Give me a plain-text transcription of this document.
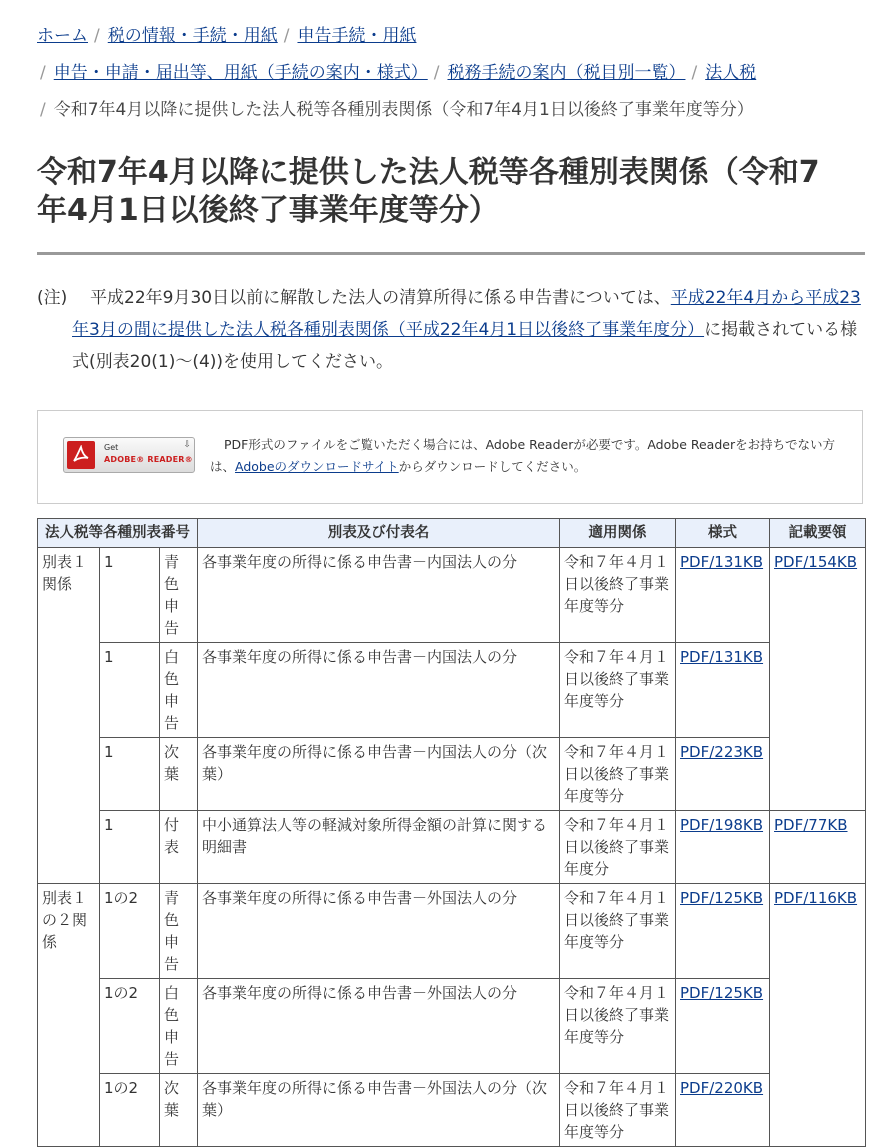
ホーム / 税の情報・手続・用紙 / 申告手続・用紙
/ 申告・申請・届出等、用紙（手続の案内・様式） / 税務手続の案内（税目別一覧） / 法人税
/ 令和7年4月以降に提供した法人税等各種別表関係（令和7年4月1日以後終了事業年度等分）
令和7年4月以降に提供した法人税等各種別表関係（令和7年4月1日以後終了事業年度等分）
(注)	平成22年9月30日以前に解散した法人の清算所得に係る申告書については、平成22年4月から平成23年3月の間に提供した法人税各種別表関係（平成22年4月1日以後終了事業年度分）に掲載されている様式(別表20(1)～(4))を使用してください。
Get
ADOBE® READER®
⇩	PDF形式のファイルをご覧いただく場合には、Adobe Readerが必要です。Adobe Readerをお持ちでない方は、Adobeのダウンロードサイトからダウンロードしてください。
法人税等各種別表番号			別表及び付表名	適用関係	様式	記載要領
別表１関係	1	青色申告	各事業年度の所得に係る申告書－内国法人の分	令和７年４月１日以後終了事業年度等分	PDF/131KB	PDF/154KB
	1	白色申告	各事業年度の所得に係る申告書－内国法人の分	令和７年４月１日以後終了事業年度等分	PDF/131KB	
	1	次葉	各事業年度の所得に係る申告書－内国法人の分（次葉）	令和７年４月１日以後終了事業年度等分	PDF/223KB	
	1	付表	中小通算法人等の軽減対象所得金額の計算に関する明細書	令和７年４月１日以後終了事業年度分	PDF/198KB	PDF/77KB
別表１の２関係	1の2	青色申告	各事業年度の所得に係る申告書－外国法人の分	令和７年４月１日以後終了事業年度等分	PDF/125KB	PDF/116KB
	1の2	白色申告	各事業年度の所得に係る申告書－外国法人の分	令和７年４月１日以後終了事業年度等分	PDF/125KB	
	1の2	次葉	各事業年度の所得に係る申告書－外国法人の分（次葉）	令和７年４月１日以後終了事業年度等分	PDF/220KB	
